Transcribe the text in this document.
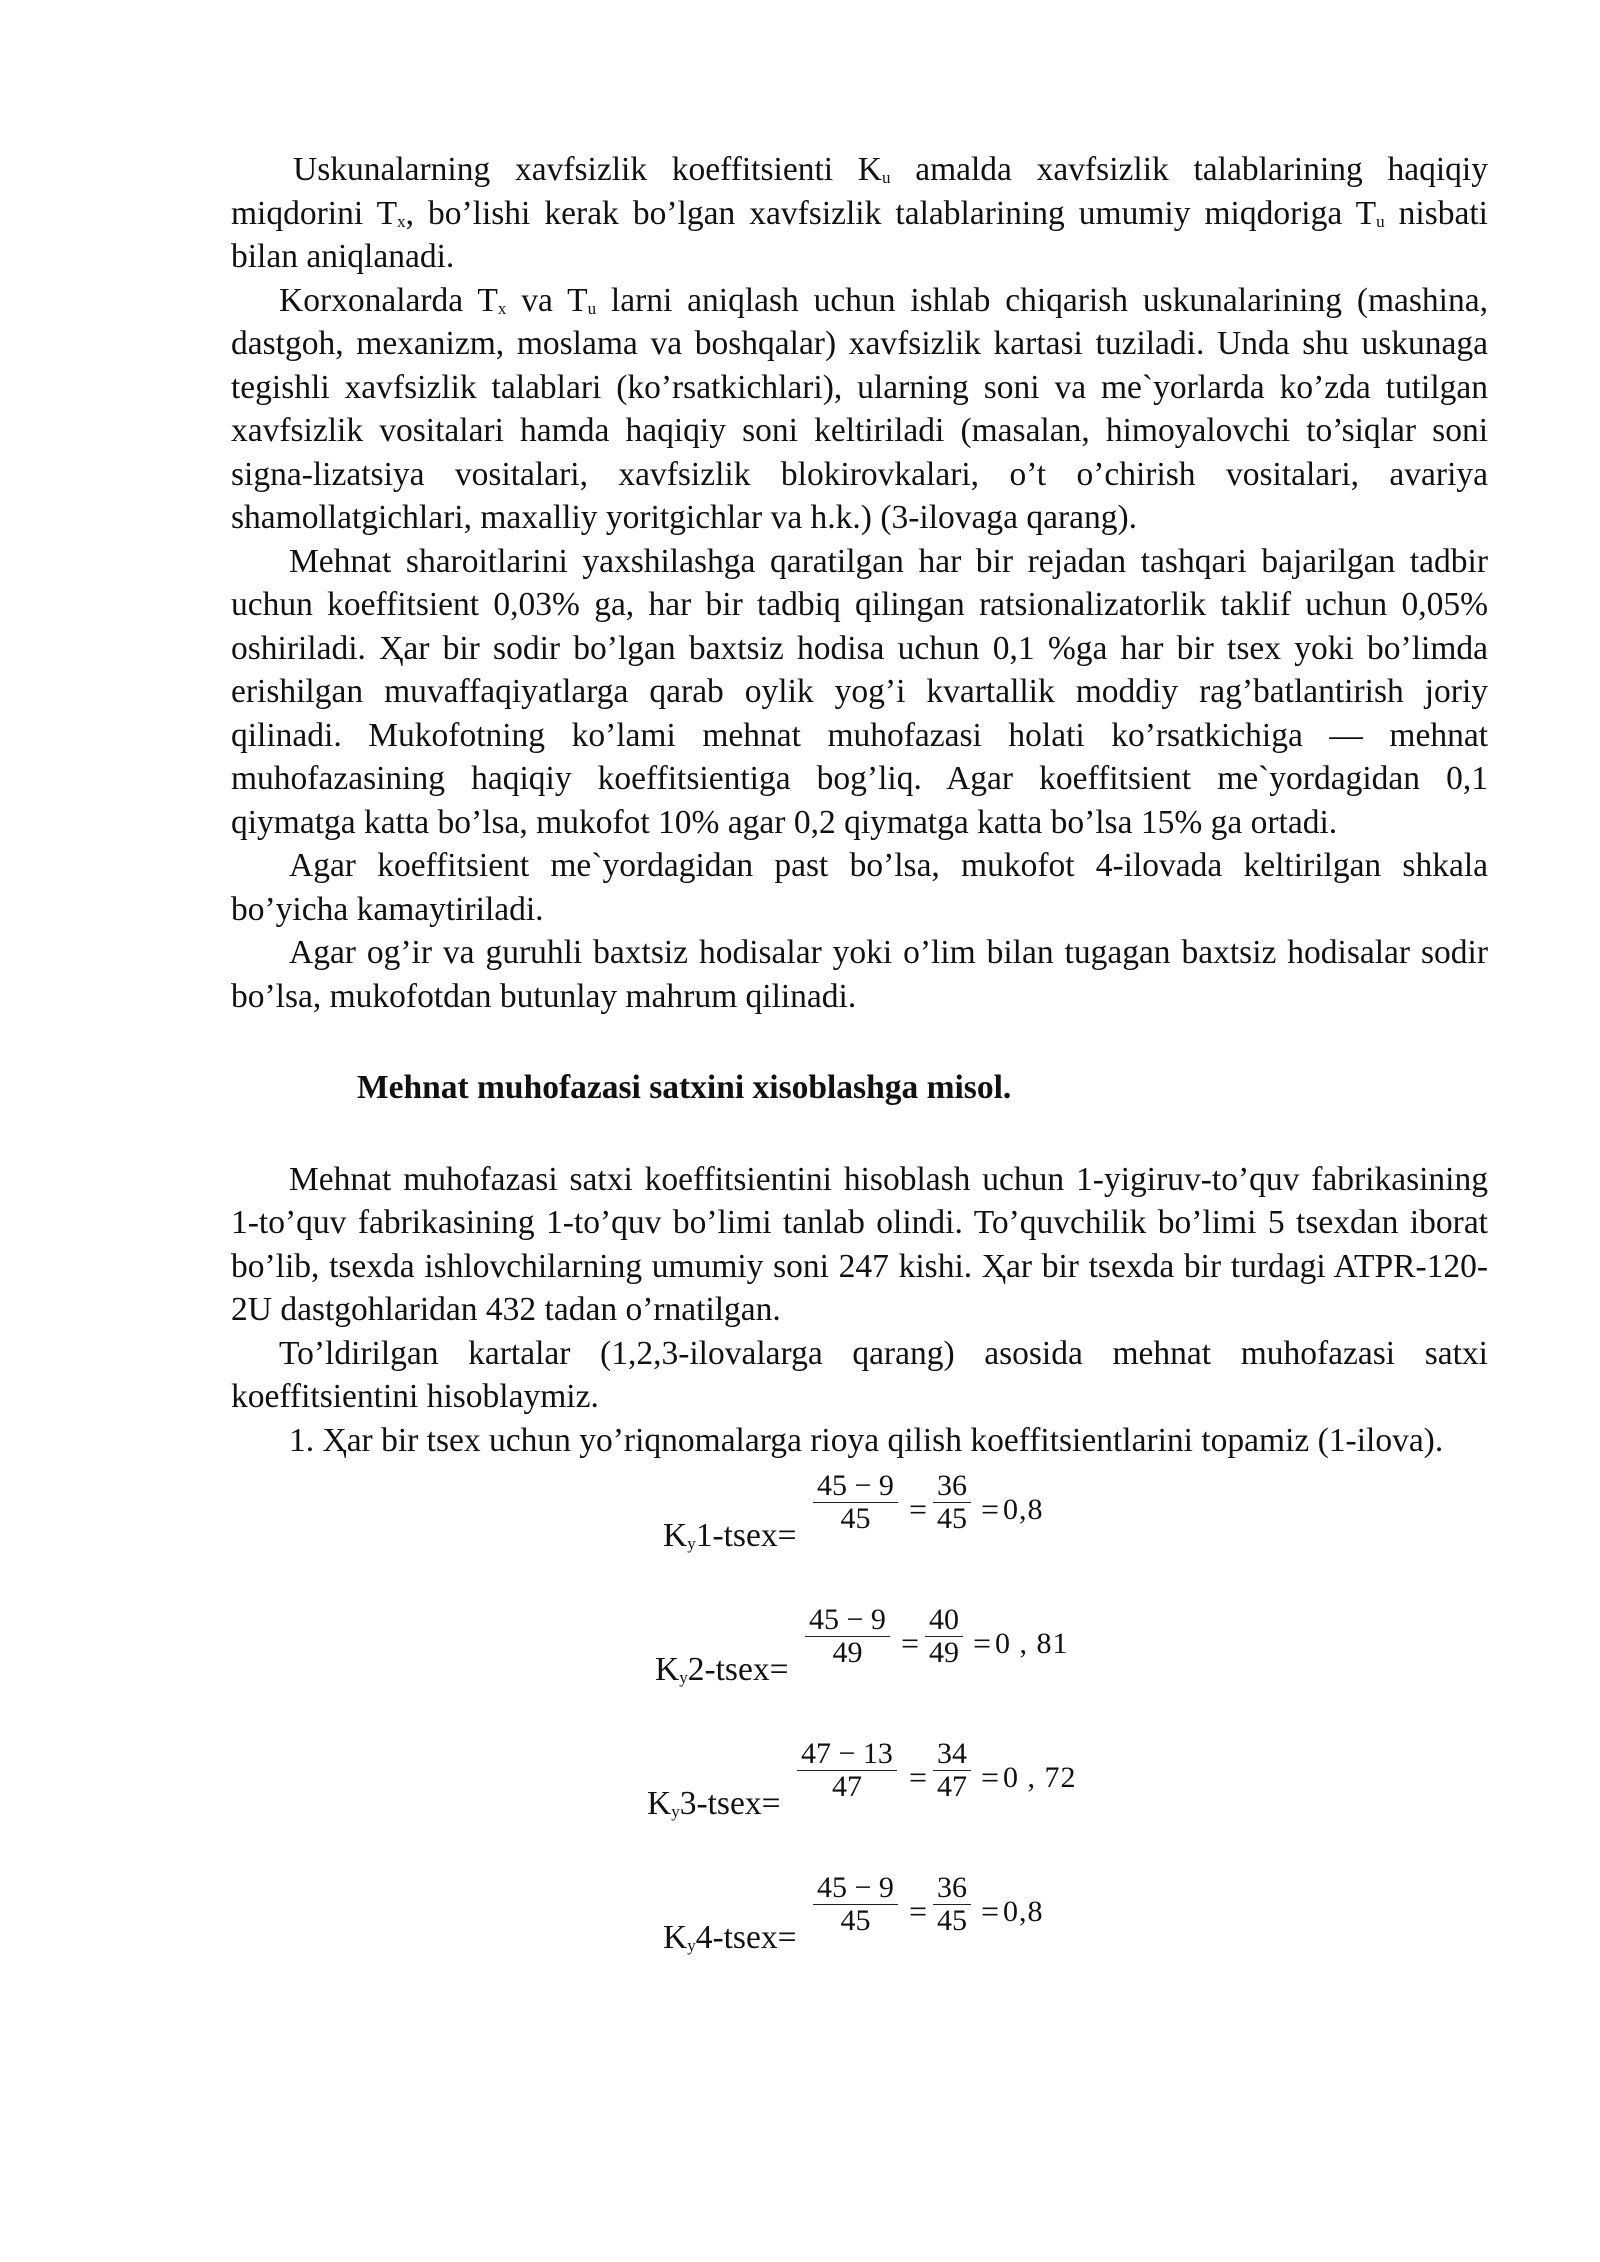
Uskunalarning xavfsizlik koeffitsienti $K_u$ amalda xavfsizlik talablarining haqiqiy miqdorini $T_x$, bo’lishi kerak bo’lgan xavfsizlik talablarining umumiy miqdoriga $T_u$ nisbati bilan aniqlanadi.

Korxonalarda $T_x$ va $T_u$ larni aniqlash uchun ishlab chiqarish uskunalarining (mashina, dastgoh, mexanizm, moslama va boshqalar) xavfsizlik kartasi tuziladi. Unda shu uskunaga tegishli xavfsizlik talablari (ko’rsatkichlari), ularning soni va me`yorlarda ko’zda tutilgan xavfsizlik vositalari hamda haqiqiy soni keltiriladi (masalan, himoyalovchi to’siqlar soni signa-lizatsiya vositalari, xavfsizlik blokirovkalari, o’t o’chirish vositalari, avariya shamollatgichlari, maxalliy yoritgichlar va h.k.) (3-ilovaga qarang).

Mehnat sharoitlarini yaxshilashga qaratilgan har bir rejadan tashqari bajarilgan tadbir uchun koeffitsient 0,03% ga, har bir tadbiq qilingan ratsionalizatorlik taklif uchun 0,05% oshiriladi. Ҳar bir sodir bo’lgan baxtsiz hodisa uchun 0,1 %ga har bir tsex yoki bo’limda erishilgan muvaffaqiyatlarga qarab oylik yog’i kvartallik moddiy rag’batlantirish joriy qilinadi. Mukofotning ko’lami mehnat muhofazasi holati ko’rsatkichiga — mehnat muhofazasining haqiqiy koeffitsientiga bog’liq. Agar koeffitsient me`yordagidan 0,1 qiymatga katta bo’lsa, mukofot 10% agar 0,2 qiymatga katta bo’lsa 15% ga ortadi.

Agar koeffitsient me`yordagidan past bo’lsa, mukofot 4-ilovada keltirilgan shkala bo’yicha kamaytiriladi.

Agar og’ir va guruhli baxtsiz hodisalar yoki o’lim bilan tugagan baxtsiz hodisalar sodir bo’lsa, mukofotdan butunlay mahrum qilinadi.

Mehnat muhofazasi satxini xisoblashga misol.

Mehnat muhofazasi satxi koeffitsientini hisoblash uchun 1-yigiruv-to’quv fabrikasining 1-to’quv fabrikasining 1-to’quv bo’limi tanlab olindi. To’quvchilik bo’limi 5 tsexdan iborat bo’lib, tsexda ishlovchilarning umumiy soni 247 kishi. Ҳar bir tsexda bir turdagi ATPR-120-2U dastgohlaridan 432 tadan o’rnatilgan.

To’ldirilgan kartalar (1,2,3-ilovalarga qarang) asosida mehnat muhofazasi satxi koeffitsientini hisoblaymiz.

1. Ҳar bir tsex uchun yo’riqnomalarga rioya qilish koeffitsientlarini topamiz (1-ilova).

$K_y1-tsex=$
$\frac{45 - 9}{45} = \frac{36}{45} = 0,8$
$K_y2-tsex=$
$\frac{45 - 9}{49} = \frac{40}{49} = 0$ , 81
$K_y3-tsex=$
$\frac{47 - 13}{47} = \frac{34}{47} = 0$ , 72
$K_y4-tsex=$
$\frac{45 - 9}{45} = \frac{36}{45} = 0,8$
